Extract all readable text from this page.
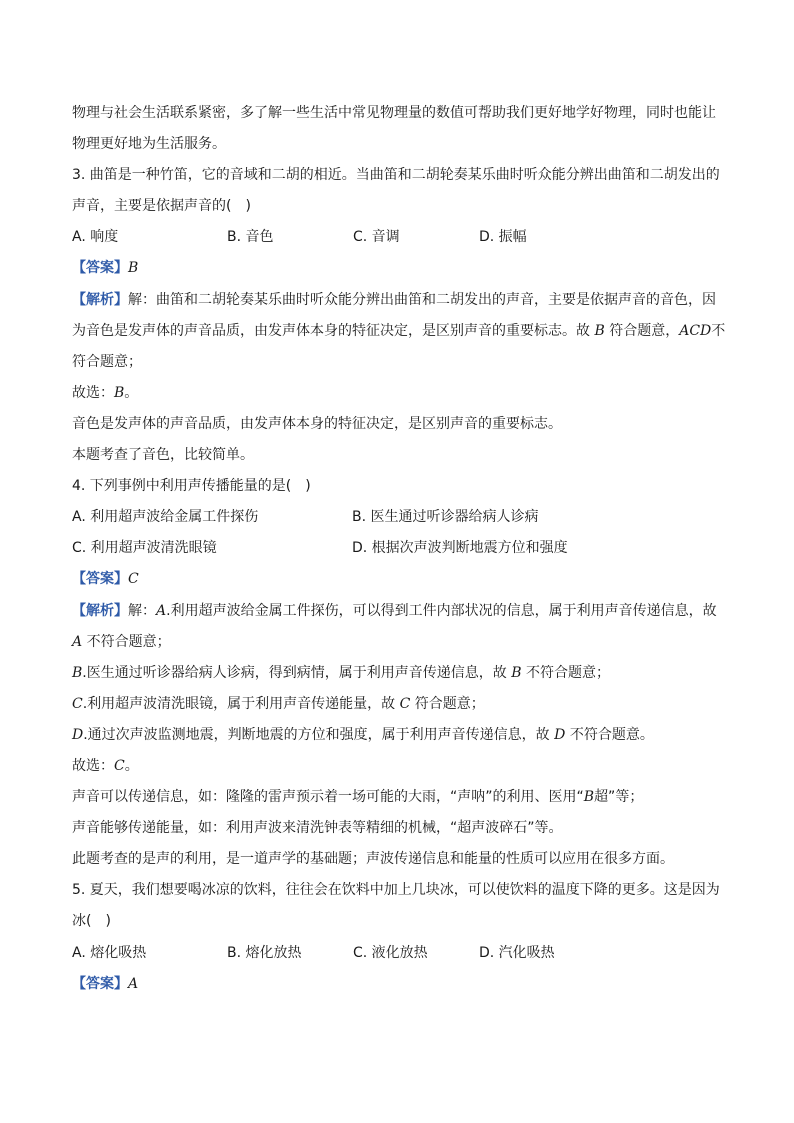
物理与社会生活联系紧密，多了解一些生活中常见物理量的数值可帮助我们更好地学好物理，同时也能让
物理更好地为生活服务。
3. 曲笛是一种竹笛，它的音域和二胡的相近。当曲笛和二胡轮奏某乐曲时听众能分辨出曲笛和二胡发出的
声音，主要是依据声音的(　)
A. 响度	B. 音色	C. 音调	D. 振幅
【答案】B
【解析】解：曲笛和二胡轮奏某乐曲时听众能分辨出曲笛和二胡发出的声音，主要是依据声音的音色，因
为音色是发声体的声音品质，由发声体本身的特征决定，是区别声音的重要标志。故 B 符合题意，ACD不
符合题意；
故选：B。
音色是发声体的声音品质，由发声体本身的特征决定，是区别声音的重要标志。
本题考查了音色，比较简单。
4. 下列事例中利用声传播能量的是(　)
A. 利用超声波给金属工件探伤	B. 医生通过听诊器给病人诊病
C. 利用超声波清洗眼镜	D. 根据次声波判断地震方位和强度
【答案】C
【解析】解：A.利用超声波给金属工件探伤，可以得到工件内部状况的信息，属于利用声音传递信息，故
A 不符合题意；
B.医生通过听诊器给病人诊病，得到病情，属于利用声音传递信息，故 B 不符合题意；
C.利用超声波清洗眼镜，属于利用声音传递能量，故 C 符合题意；
D.通过次声波监测地震，判断地震的方位和强度，属于利用声音传递信息，故 D 不符合题意。
故选：C。
声音可以传递信息，如：隆隆的雷声预示着一场可能的大雨，“声呐”的利用、医用“B超”等；
声音能够传递能量，如：利用声波来清洗钟表等精细的机械，“超声波碎石”等。
此题考查的是声的利用，是一道声学的基础题；声波传递信息和能量的性质可以应用在很多方面。
5. 夏天，我们想要喝冰凉的饮料，往往会在饮料中加上几块冰，可以使饮料的温度下降的更多。这是因为
冰(　)
A. 熔化吸热	B. 熔化放热	C. 液化放热	D. 汽化吸热
【答案】A
